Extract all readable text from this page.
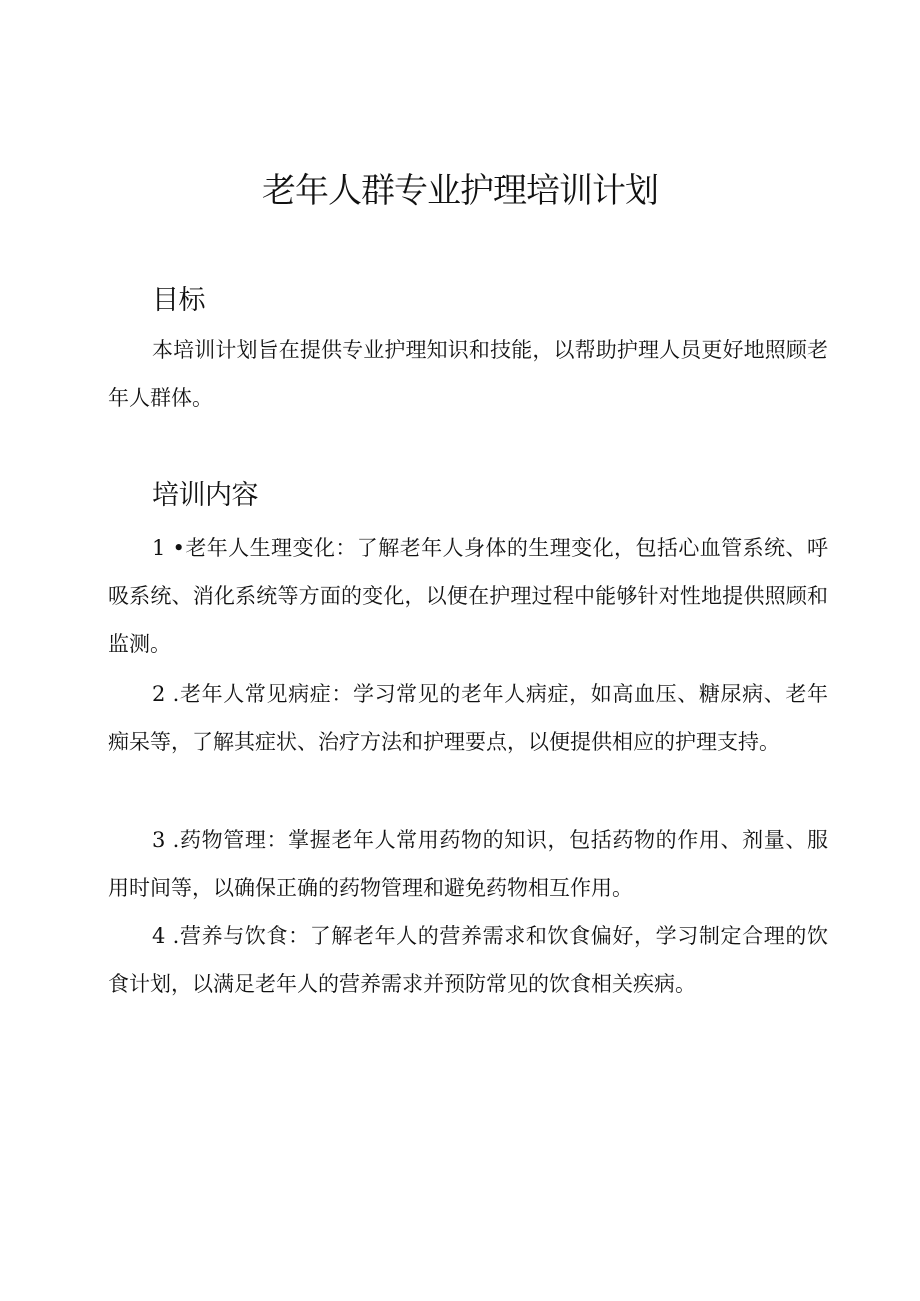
老年人群专业护理培训计划
目标

本培训计划旨在提供专业护理知识和技能，以帮助护理人员更好地照顾老年人群体。

培训内容

1 •老年人生理变化：了解老年人身体的生理变化，包括心血管系统、呼吸系统、消化系统等方面的变化，以便在护理过程中能够针对性地提供照顾和监测。

2 .老年人常见病症：学习常见的老年人病症，如高血压、糖尿病、老年痴呆等，了解其症状、治疗方法和护理要点，以便提供相应的护理支持。

3 .药物管理：掌握老年人常用药物的知识，包括药物的作用、剂量、服用时间等，以确保正确的药物管理和避免药物相互作用。

4 .营养与饮食：了解老年人的营养需求和饮食偏好，学习制定合理的饮食计划，以满足老年人的营养需求并预防常见的饮食相关疾病。
